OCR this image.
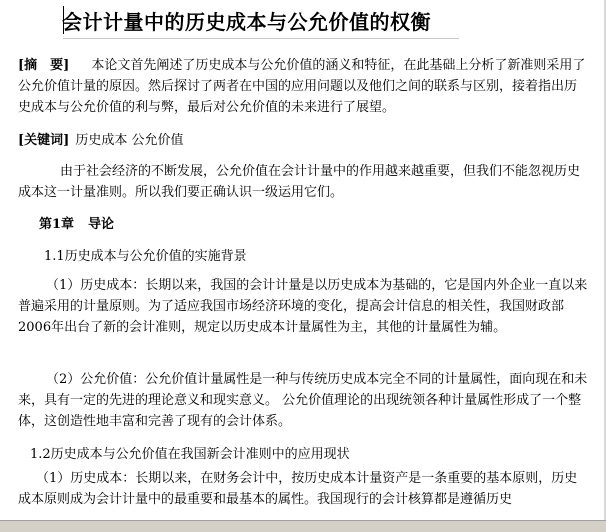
会计计量中的历史成本与公允价值的权衡

[摘　要] 本论文首先阐述了历史成本与公允价值的涵义和特征，在此基础上分析了新准则采用了公允价值计量的原因。然后探讨了两者在中国的应用问题以及他们之间的联系与区别，接着指出历史成本与公允价值的利与弊，最后对公允价值的未来进行了展望。

[关键词] 历史成本 公允价值

由于社会经济的不断发展，公允价值在会计计量中的作用越来越重要，但我们不能忽视历史成本这一计量准则。所以我们要正确认识一级运用它们。

第1章 导论
1.1历史成本与公允价值的实施背景

（1）历史成本：长期以来，我国的会计计量是以历史成本为基础的，它是国内外企业一直以来普遍采用的计量原则。为了适应我国市场经济环境的变化，提高会计信息的相关性，我国财政部 2006年出台了新的会计准则，规定以历史成本计量属性为主，其他的计量属性为辅。

（2）公允价值：公允价值计量属性是一种与传统历史成本完全不同的计量属性，面向现在和未来，具有一定的先进的理论意义和现实意义。 公允价值理论的出现统领各种计量属性形成了一个整体，这创造性地丰富和完善了现有的会计体系。

1.2历史成本与公允价值在我国新会计准则中的应用现状

（1）历史成本：长期以来，在财务会计中，按历史成本计量资产是一条重要的基本原则，历史成本原则成为会计计量中的最重要和最基本的属性。我国现行的会计核算都是遵循历史
